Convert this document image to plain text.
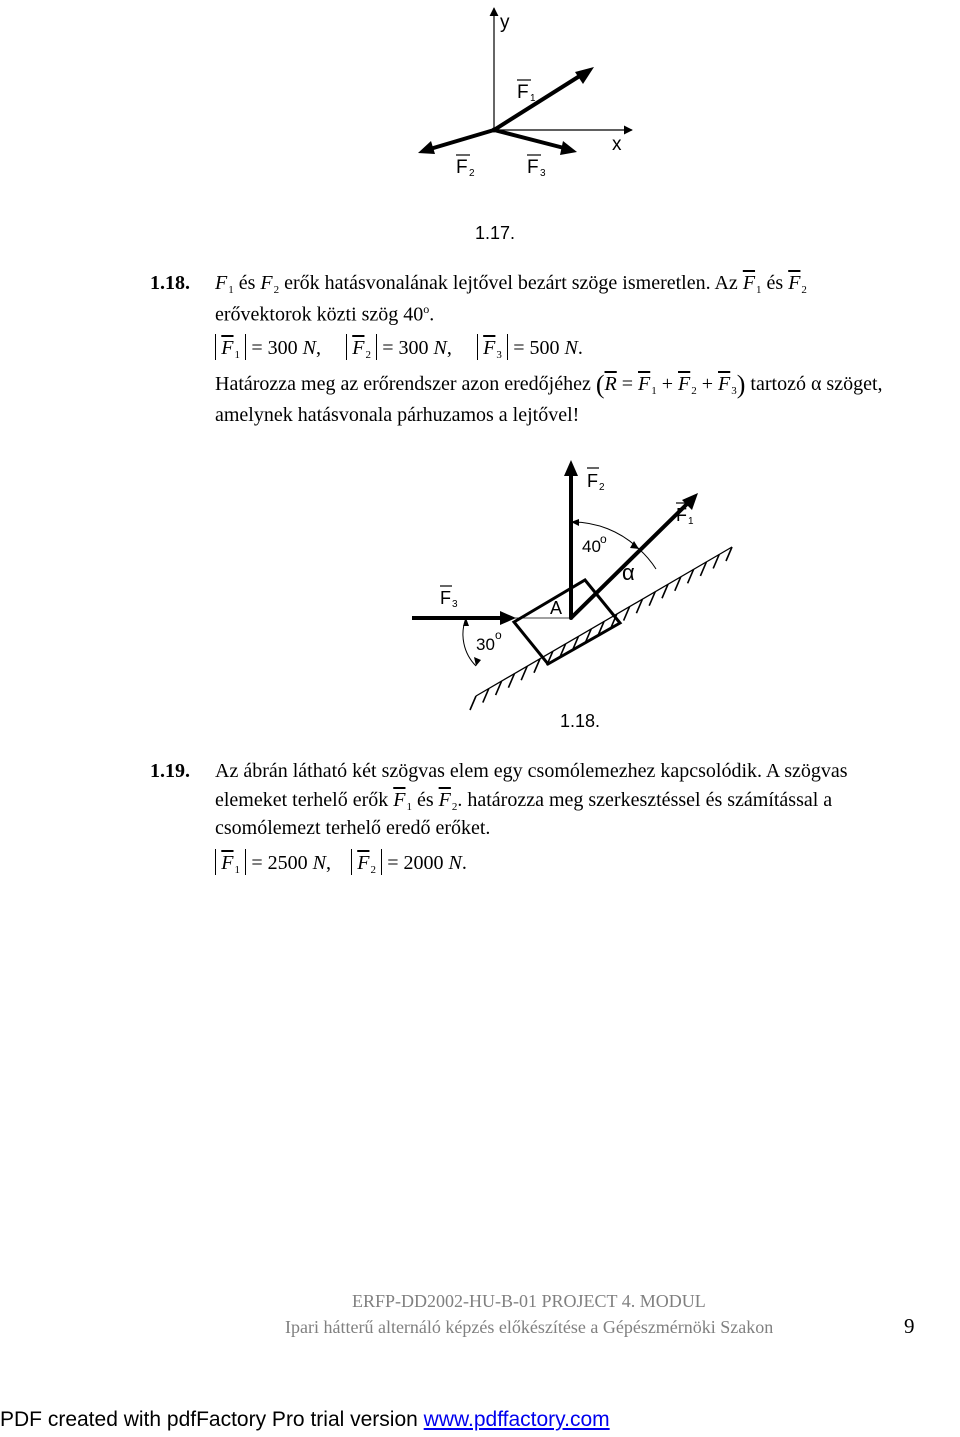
y
x
F 1
F 2	F 3
1.17.
1.18. $F_1$ és $F_2$ erők hatásvonalának lejtővel bezárt szöge ismeretlen. Az $\overline{F}_1$ és $\overline{F}_2$
erővektorok közti szög 40$^o$.
$\overline{F}_1 = 300$ N, $\overline{F}_2 = 300$ N, $\overline{F}_3 = 500$ N.
Határozza meg az erőrendszer azon eredőjéhez $(\overline{R} = \overline{F}_1 + \overline{F}_2 + \overline{F}_3)$ tartozó α szöget,
amelynek hatásvonala párhuzamos a lejtővel!
F 2
F 1
F 3
40 o
30 o
α
A
1.18.
1.19. Az ábrán látható két szögvas elem egy csomólemezhez kapcsolódik. A szögvas
elemeket terhelő erők $\overline{F}_1$ és $\overline{F}_2$. határozza meg szerkesztéssel és számítással a
csomólemezt terhelő eredő erőket.
$\overline{F}_1 = 2500$ N, $\overline{F}_2 = 2000$ N.
ERFP-DD2002-HU-B-01 PROJECT 4. MODUL
Ipari hátterű alternáló képzés előkészítése a Gépészmérnöki Szakon	9
PDF created with pdfFactory Pro trial version www.pdffactory.com
